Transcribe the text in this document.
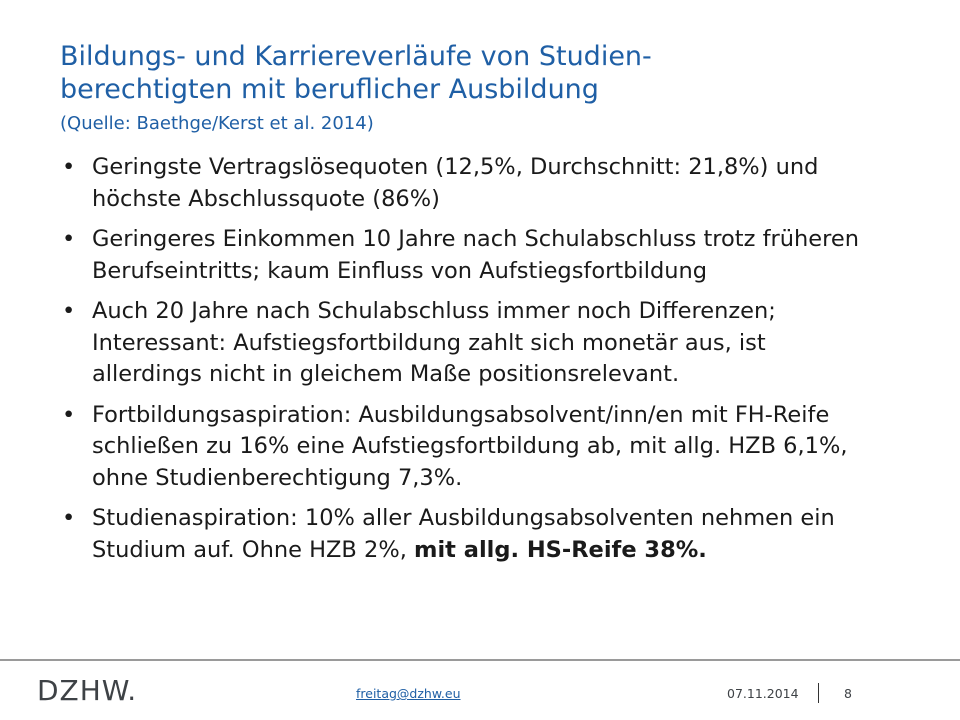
Bildungs- und Karriereverläufe von Studien-
berechtigten mit beruflicher Ausbildung
(Quelle: Baethge/Kerst et al. 2014)
• Geringste Vertragslösequoten (12,5%, Durchschnitt: 21,8%) und höchste Abschlussquote (86%)
• Geringeres Einkommen 10 Jahre nach Schulabschluss trotz früheren Berufseintritts; kaum Einfluss von Aufstiegsfortbildung
• Auch 20 Jahre nach Schulabschluss immer noch Differenzen; Interessant: Aufstiegsfortbildung zahlt sich monetär aus, ist allerdings nicht in gleichem Maße positionsrelevant.
• Fortbildungsaspiration: Ausbildungsabsolvent/inn/en mit FH-Reife schließen zu 16% eine Aufstiegsfortbildung ab, mit allg. HZB 6,1%, ohne Studienberechtigung 7,3%.
• Studienaspiration: 10% aller Ausbildungsabsolventen nehmen ein Studium auf. Ohne HZB 2%, mit allg. HS-Reife 38%.
DZHW.	freitag@dzhw.eu	07.11.2014	8
